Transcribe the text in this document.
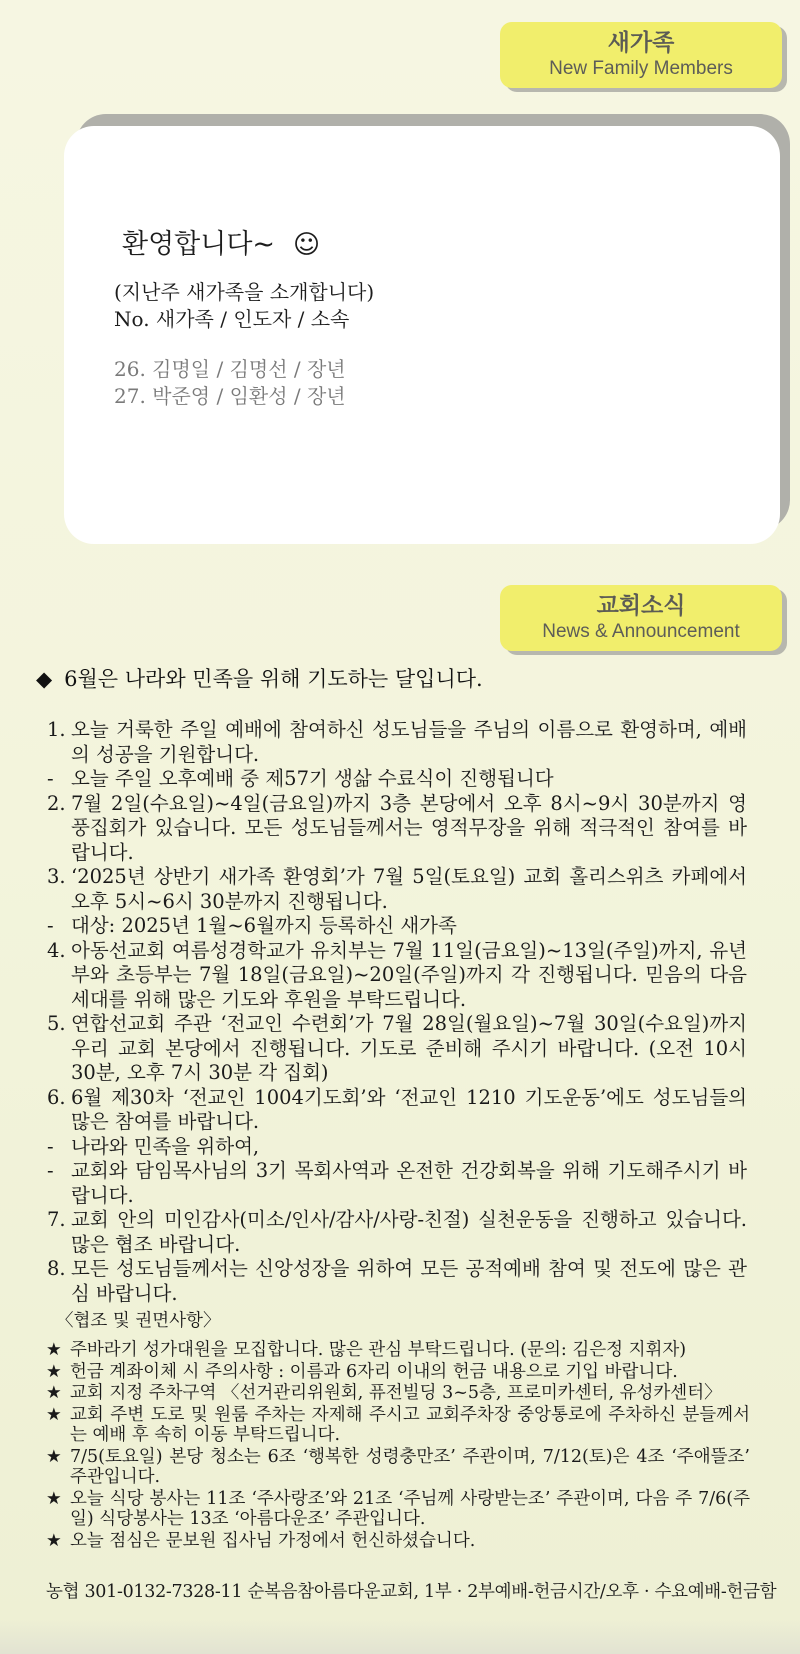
새가족
New Family Members
환영합니다~ ☺
(지난주 새가족을 소개합니다)
No. 새가족 / 인도자 / 소속
26. 김명일 / 김명선 / 장년
27. 박준영 / 임환성 / 장년
교회소식
News & Announcement
◆ 6월은 나라와 민족을 위해 기도하는 달입니다.

1. 오늘 거룩한 주일 예배에 참여하신 성도님들을 주님의 이름으로 환영하며, 예배의 성공을 기원합니다.

- 오늘 주일 오후예배 중 제57기 생삶 수료식이 진행됩니다

2. 7월 2일(수요일)~4일(금요일)까지 3층 본당에서 오후 8시~9시 30분까지 영풍집회가 있습니다. 모든 성도님들께서는 영적무장을 위해 적극적인 참여를 바랍니다.

3. ‘2025년 상반기 새가족 환영회’가 7월 5일(토요일) 교회 홀리스위츠 카페에서 오후 5시~6시 30분까지 진행됩니다.

- 대상: 2025년 1월~6월까지 등록하신 새가족

4. 아동선교회 여름성경학교가 유치부는 7월 11일(금요일)~13일(주일)까지, 유년부와 초등부는 7월 18일(금요일)~20일(주일)까지 각 진행됩니다. 믿음의 다음 세대를 위해 많은 기도와 후원을 부탁드립니다.

5. 연합선교회 주관 ‘전교인 수련회’가 7월 28일(월요일)~7월 30일(수요일)까지 우리 교회 본당에서 진행됩니다. 기도로 준비해 주시기 바랍니다. (오전 10시 30분, 오후 7시 30분 각 집회)

6. 6월 제30차 ‘전교인 1004기도회’와 ‘전교인 1210 기도운동’에도 성도님들의 많은 참여를 바랍니다.

- 나라와 민족을 위하여,

- 교회와 담임목사님의 3기 목회사역과 온전한 건강회복을 위해 기도해주시기 바랍니다.

7. 교회 안의 미인감사(미소/인사/감사/사랑-친절) 실천운동을 진행하고 있습니다. 많은 협조 바랍니다.

8. 모든 성도님들께서는 신앙성장을 위하여 모든 공적예배 참여 및 전도에 많은 관심 바랍니다.

〈협조 및 권면사항〉

★ 주바라기 성가대원을 모집합니다. 많은 관심 부탁드립니다. (문의: 김은정 지휘자)

★ 헌금 계좌이체 시 주의사항 : 이름과 6자리 이내의 헌금 내용으로 기입 바랍니다.

★ 교회 지정 주차구역 〈선거관리위원회, 퓨전빌딩 3~5층, 프로미카센터, 유성카센터〉

★ 교회 주변 도로 및 원룸 주차는 자제해 주시고 교회주차장 중앙통로에 주차하신 분들께서는 예배 후 속히 이동 부탁드립니다.

★ 7/5(토요일) 본당 청소는 6조 ‘행복한 성령충만조’ 주관이며, 7/12(토)은 4조 ‘주애뜰조’ 주관입니다.

★ 오늘 식당 봉사는 11조 ‘주사랑조’와 21조 ‘주님께 사랑받는조’ 주관이며, 다음 주 7/6(주일) 식당봉사는 13조 ‘아름다운조’ 주관입니다.

★ 오늘 점심은 문보원 집사님 가정에서 헌신하셨습니다.

농협 301-0132-7328-11 순복음참아름다운교회, 1부 · 2부예배-헌금시간/오후 · 수요예배-헌금함
